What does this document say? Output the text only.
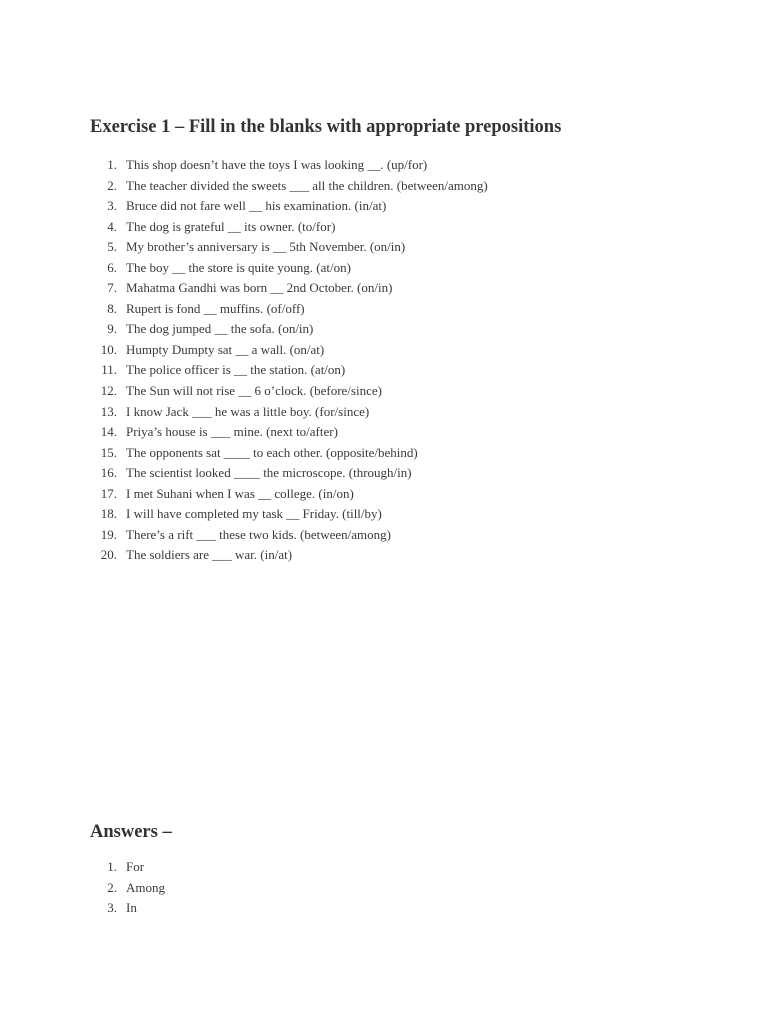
Exercise 1 – Fill in the blanks with appropriate prepositions
1. This shop doesn’t have the toys I was looking __. (up/for)
2. The teacher divided the sweets ___ all the children. (between/among)
3. Bruce did not fare well __ his examination. (in/at)
4. The dog is grateful __ its owner. (to/for)
5. My brother’s anniversary is __ 5th November. (on/in)
6. The boy __ the store is quite young. (at/on)
7. Mahatma Gandhi was born __ 2nd October. (on/in)
8. Rupert is fond __ muffins. (of/off)
9. The dog jumped __ the sofa. (on/in)
10. Humpty Dumpty sat __ a wall. (on/at)
11. The police officer is __ the station. (at/on)
12. The Sun will not rise __ 6 o’clock. (before/since)
13. I know Jack ___ he was a little boy. (for/since)
14. Priya’s house is ___ mine. (next to/after)
15. The opponents sat ____ to each other. (opposite/behind)
16. The scientist looked ____ the microscope. (through/in)
17. I met Suhani when I was __ college. (in/on)
18. I will have completed my task __ Friday. (till/by)
19. There’s a rift ___ these two kids. (between/among)
20. The soldiers are ___ war. (in/at)
Answers –
1. For
2. Among
3. In
